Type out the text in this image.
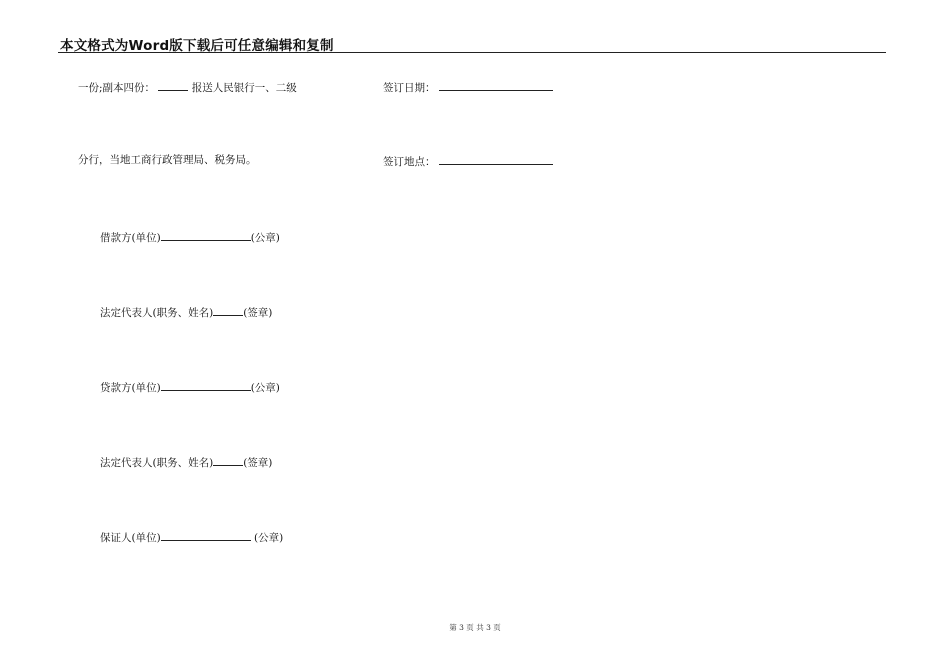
本文格式为Word版下载后可任意编辑和复制
一份;副本四份：	报送人民银行一、二级	签订日期：
分行，当地工商行政管理局、税务局。	签订地点：
借款方(单位)	(公章)
法定代表人(职务、姓名)	(签章)
贷款方(单位)	(公章)
法定代表人(职务、姓名)	(签章)
保证人(单位)	(公章)
第 3 页 共 3 页
